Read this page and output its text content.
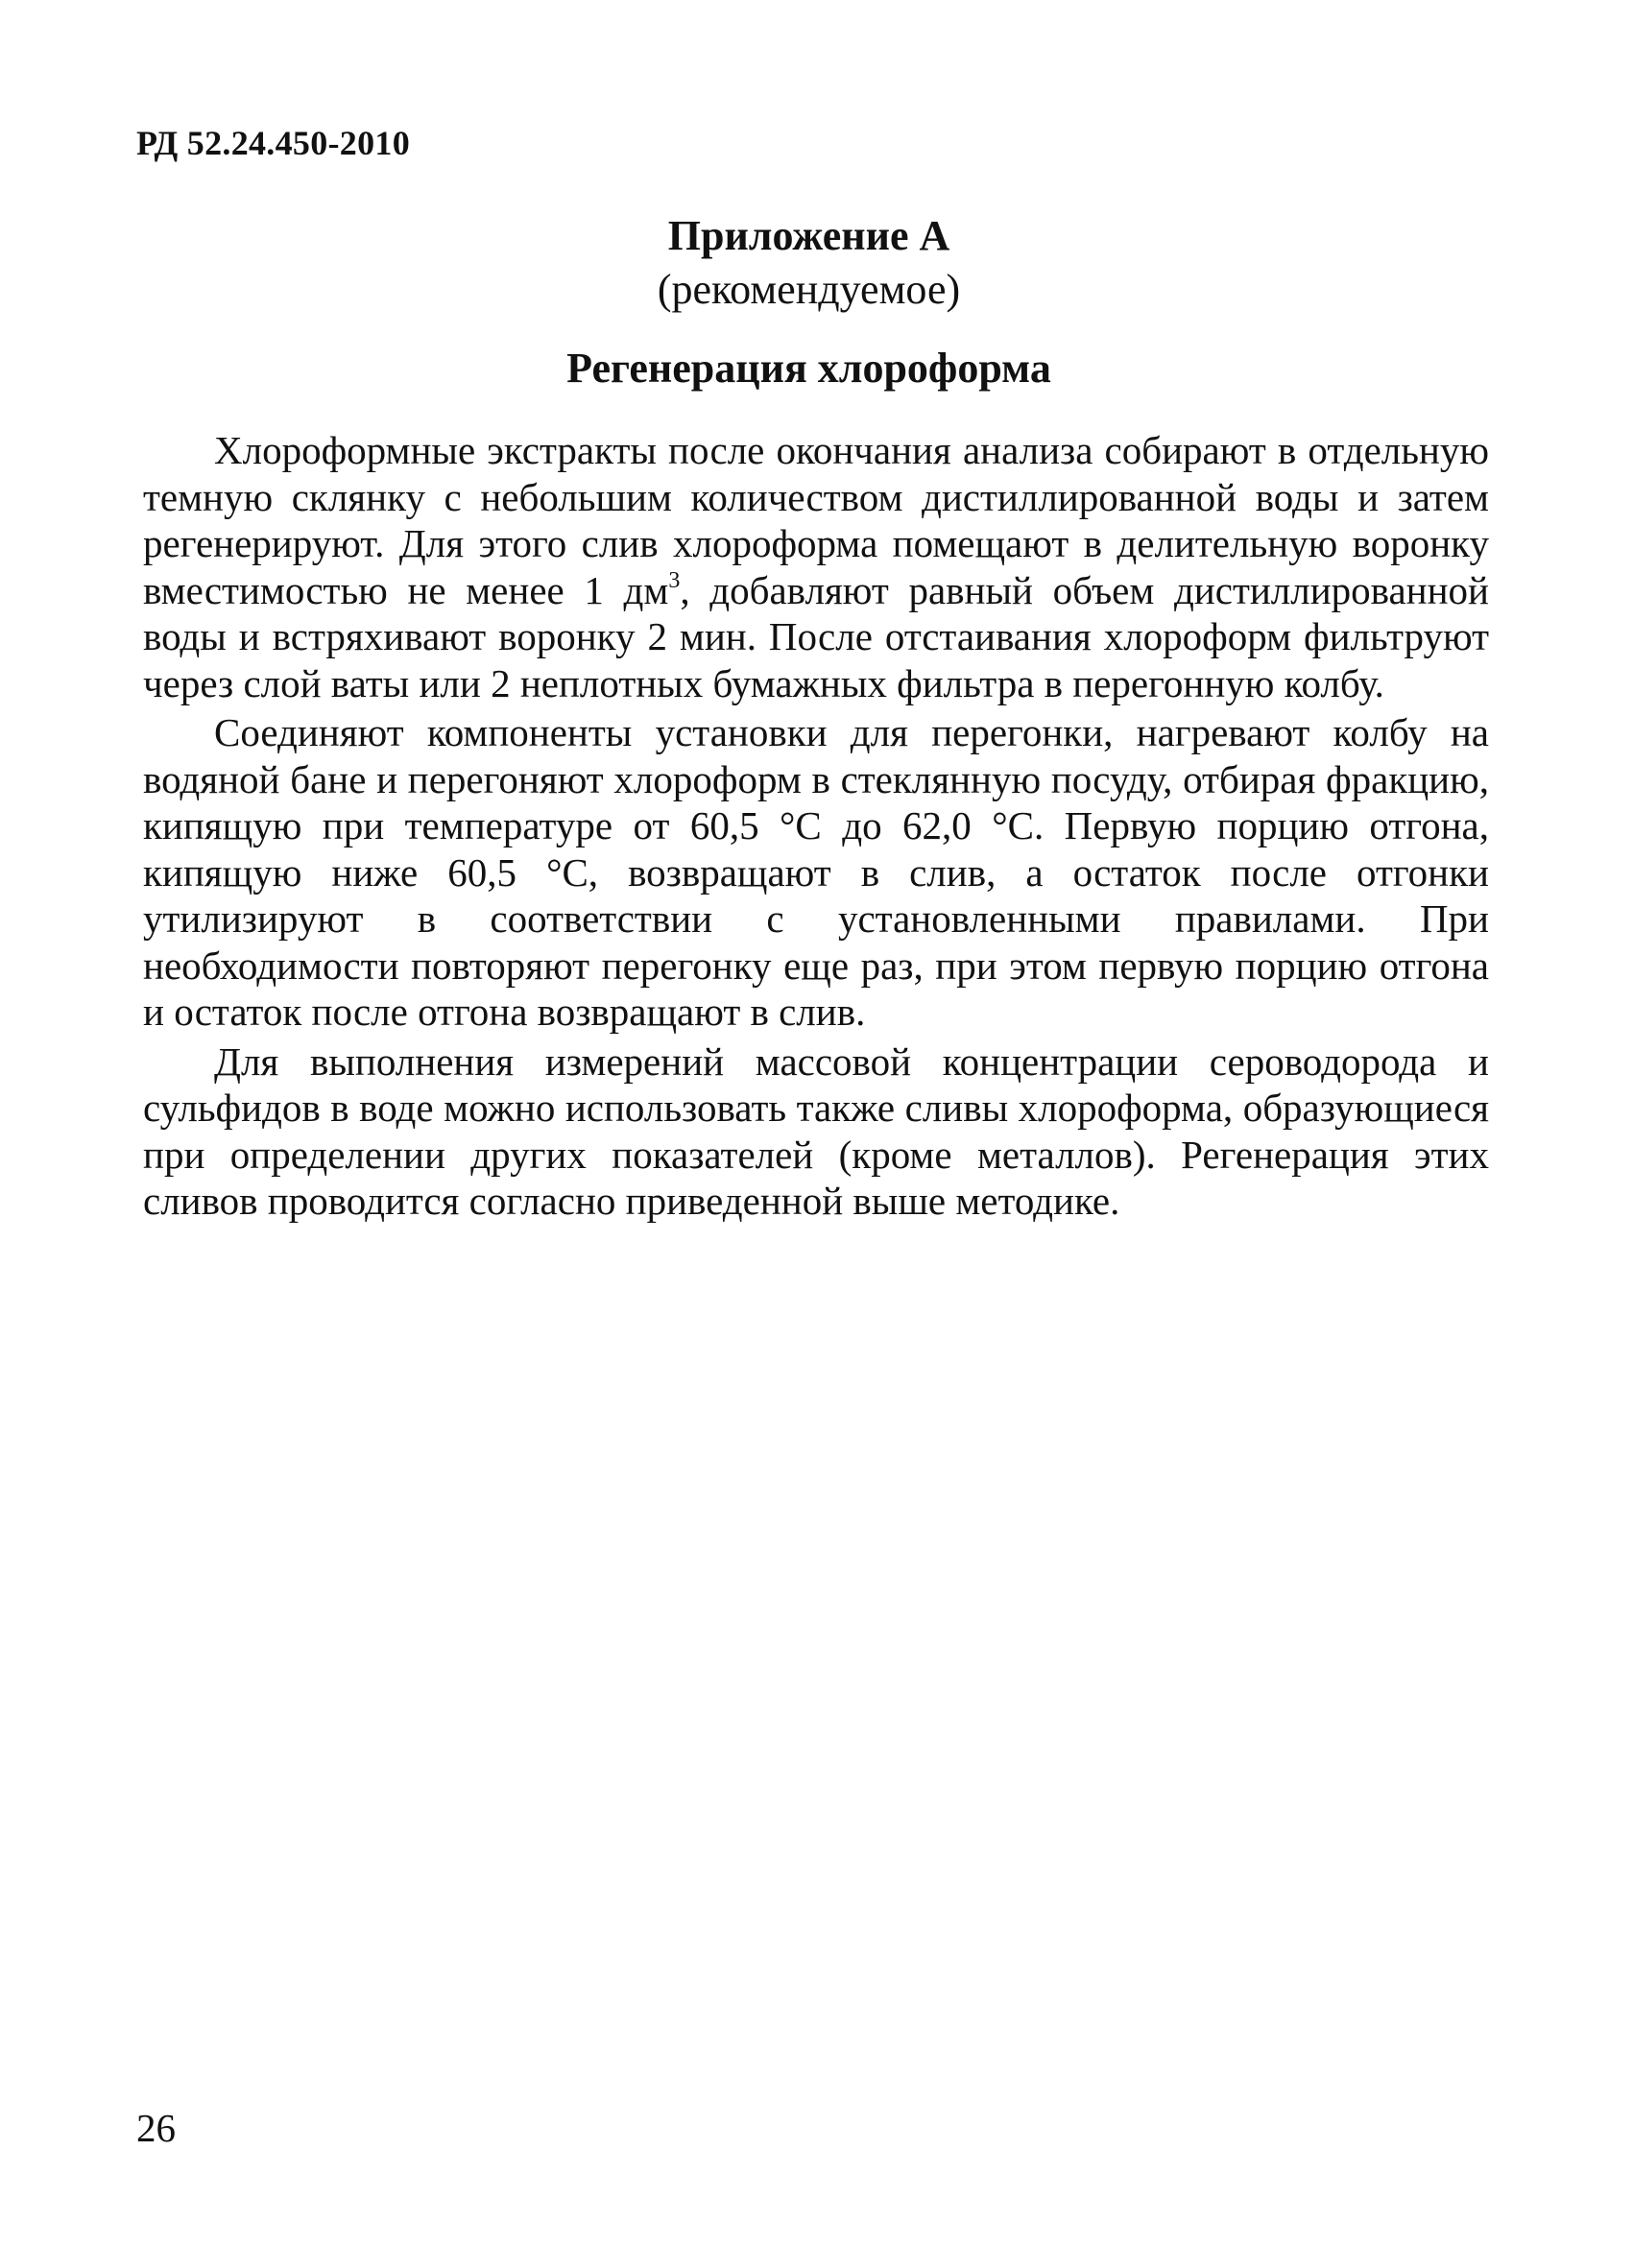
РД 52.24.450-2010
Приложение А
(рекомендуемое)
Регенерация хлороформа

Хлороформные экстракты после окончания анализа собирают в отдельную темную склянку с небольшим количеством дистиллированной воды и затем регенерируют. Для этого слив хлороформа помещают в делительную воронку вместимостью не менее 1 $дм^3$, добавляют равный объем дистиллированной воды и встряхивают воронку 2 мин. После отстаивания хлороформ фильтруют через слой ваты или 2 неплотных бумажных фильтра в перегонную колбу.

Соединяют компоненты установки для перегонки, нагревают колбу на водяной бане и перегоняют хлороформ в стеклянную посуду, отбирая фракцию, кипящую при температуре от 60,5 °С до 62,0 °С. Первую порцию отгона, кипящую ниже 60,5 °С, возвращают в слив, а остаток после отгонки утилизируют в соответствии с установленными правилами. При необходимости повторяют перегонку еще раз, при этом первую порцию отгона и остаток после отгона возвращают в слив.

Для выполнения измерений массовой концентрации сероводорода и сульфидов в воде можно использовать также сливы хлороформа, образующиеся при определении других показателей (кроме металлов). Регенерация этих сливов проводится согласно приведенной выше методике.

26
